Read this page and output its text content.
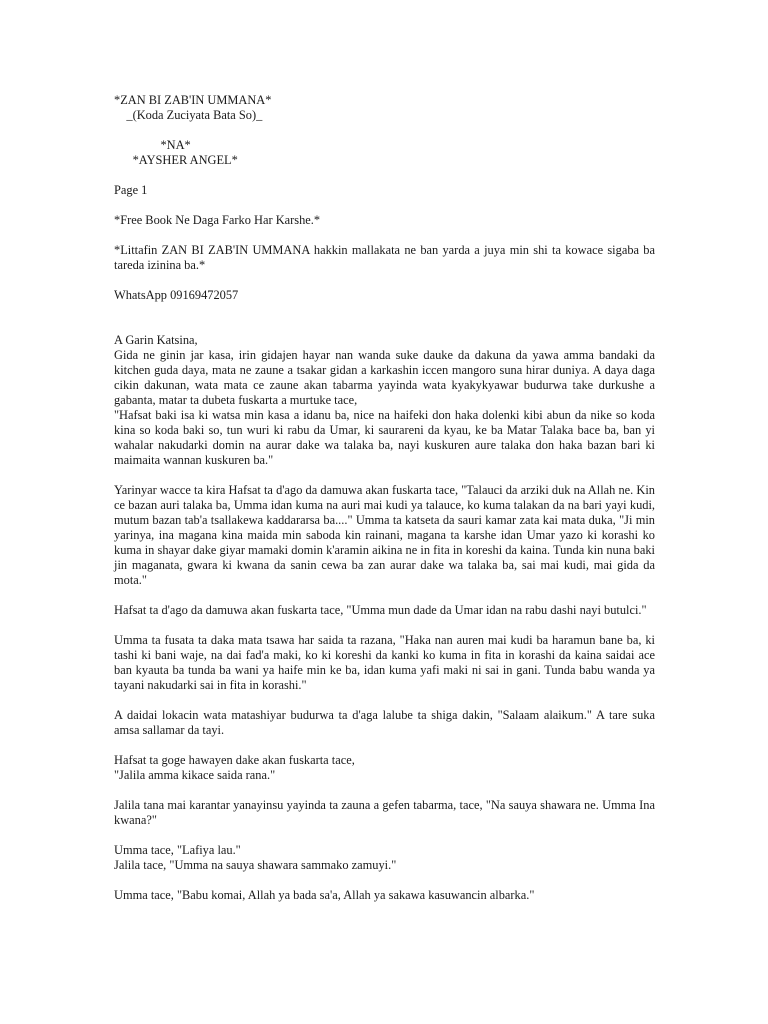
*ZAN BI ZAB'IN UMMANA*

_(Koda Zuciyata Bata So)_

*NA*

*AYSHER ANGEL*

Page 1

*Free Book Ne Daga Farko Har Karshe.*

*Littafin ZAN BI ZAB'IN UMMANA hakkin mallakata ne ban yarda a juya min shi ta kowace sigaba ba tareda izinina ba.*

WhatsApp 09169472057

A Garin Katsina,

Gida ne ginin jar kasa, irin gidajen hayar nan wanda suke dauke da dakuna da yawa amma bandaki da kitchen guda daya, mata ne zaune a tsakar gidan a karkashin iccen mangoro suna hirar duniya. A daya daga cikin dakunan, wata mata ce zaune akan tabarma yayinda wata kyakykyawar budurwa take durkushe a gabanta, matar ta dubeta fuskarta a murtuke tace,

"Hafsat baki isa ki watsa min kasa a idanu ba, nice na haifeki don haka dolenki kibi abun da nike so koda kina so koda baki so, tun wuri ki rabu da Umar, ki saurareni da kyau, ke ba Matar Talaka bace ba, ban yi wahalar nakudarki domin na aurar dake wa talaka ba, nayi kuskuren aure talaka don haka bazan bari ki maimaita wannan kuskuren ba."

Yarinyar wacce ta kira Hafsat ta d'ago da damuwa akan fuskarta tace, "Talauci da arziki duk na Allah ne. Kin ce bazan auri talaka ba, Umma idan kuma na auri mai kudi ya talauce, ko kuma talakan da na bari yayi kudi, mutum bazan tab'a tsallakewa kaddararsa ba...." Umma ta katseta da sauri kamar zata kai mata duka, "Ji min yarinya, ina magana kina maida min saboda kin rainani, magana ta karshe idan Umar yazo ki korashi ko kuma in shayar dake giyar mamaki domin k'aramin aikina ne in fita in koreshi da kaina. Tunda kin nuna baki jin maganata, gwara ki kwana da sanin cewa ba zan aurar dake wa talaka ba, sai mai kudi, mai gida da mota."

Hafsat ta d'ago da damuwa akan fuskarta tace, "Umma mun dade da Umar idan na rabu dashi nayi butulci."

Umma ta fusata ta daka mata tsawa har saida ta razana, "Haka nan auren mai kudi ba haramun bane ba, ki tashi ki bani waje, na dai fad'a maki, ko ki koreshi da kanki ko kuma in fita in korashi da kaina saidai ace ban kyauta ba tunda ba wani ya haife min ke ba, idan kuma yafi maki ni sai in gani. Tunda babu wanda ya tayani nakudarki sai in fita in korashi."

A daidai lokacin wata matashiyar budurwa ta d'aga lalube ta shiga dakin, "Salaam alaikum." A tare suka amsa sallamar da tayi.

Hafsat ta goge hawayen dake akan fuskarta tace,

"Jalila amma kikace saida rana."

Jalila tana mai karantar yanayinsu yayinda ta zauna a gefen tabarma, tace, "Na sauya shawara ne. Umma Ina kwana?"

Umma tace, "Lafiya lau."

Jalila tace, "Umma na sauya shawara sammako zamuyi."

Umma tace, "Babu komai, Allah ya bada sa'a, Allah ya sakawa kasuwancin albarka."
